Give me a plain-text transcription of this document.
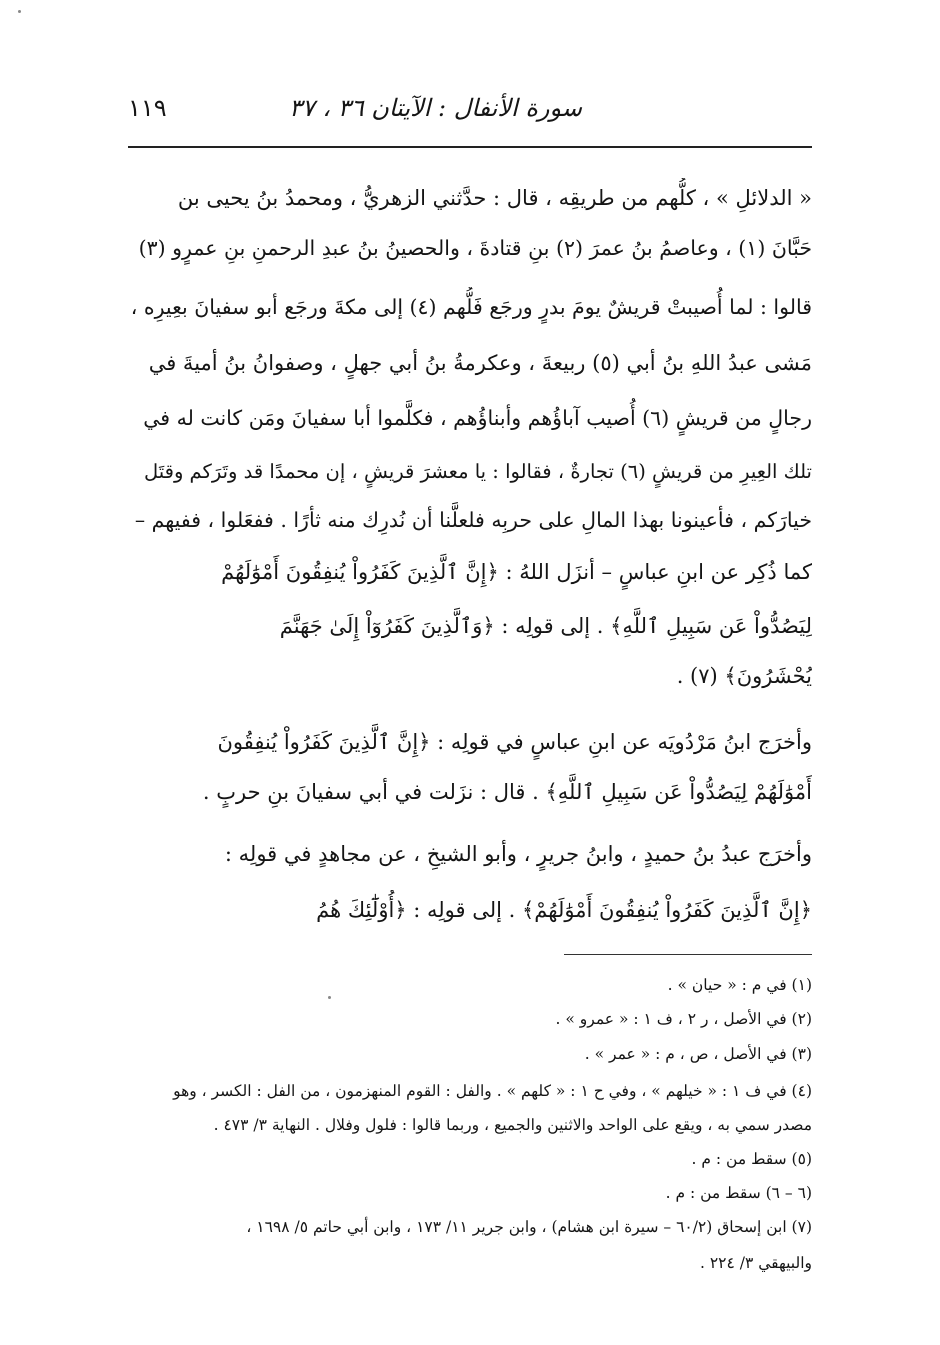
سورة الأنفال : الآيتان ٣٦ ، ٣٧
١١٩
« الدلائلِ » ، كلُّهم من طريقِه ، قال : حدَّثني الزهريُّ ، ومحمدُ بنُ يحيى بن
حَبَّانَ (١) ، وعاصمُ بنُ عمرَ (٢) بنِ قتادةَ ، والحصينُ بنُ عبدِ الرحمنِ بنِ عمرٍو (٣)
قالوا : لما أُصيبتْ قريشٌ يومَ بدرٍ ورجَع فَلُّهم (٤) إلى مكةَ ورجَع أبو سفيانَ بعِيرِه ،
مَشى عبدُ اللهِ بنُ أبي (٥) ربيعةَ ، وعكرمةُ بنُ أبي جهلٍ ، وصفوانُ بنُ أميةَ في
رجالٍ من قريشٍ (٦) أُصيب آباؤُهم وأبناؤُهم ، فكلَّموا أبا سفيانَ ومَن كانت له في
تلك العِيرِ من قريشٍ (٦) تجارةٌ ، فقالوا : يا معشرَ قريشٍ ، إن محمدًا قد وتَرَكم وقتَل
خيارَكم ، فأعينونا بهذا المالِ على حربِه فلعلَّنا أن نُدرِك منه ثأرًا . ففعَلوا ، ففيهم –
كما ذُكِر عن ابنِ عباسٍ – أنزَل اللهُ : ﴿إِنَّ ٱلَّذِينَ كَفَرُواْ يُنفِقُونَ أَمْوَٰلَهُمْ
لِيَصُدُّواْ عَن سَبِيلِ ٱللَّهِ﴾ . إلى قولِه : ﴿وَٱلَّذِينَ كَفَرُوٓاْ إِلَىٰ جَهَنَّمَ
يُحْشَرُونَ﴾ (٧) .
وأخرَج ابنُ مَرْدُويَه عن ابنِ عباسٍ في قولِه : ﴿إِنَّ ٱلَّذِينَ كَفَرُواْ يُنفِقُونَ
أَمْوَٰلَهُمْ لِيَصُدُّواْ عَن سَبِيلِ ٱللَّهِ﴾ . قال : نزَلت في أبي سفيانَ بنِ حربٍ .
وأخرَج عبدُ بنُ حميدٍ ، وابنُ جريرٍ ، وأبو الشيخِ ، عن مجاهدٍ في قولِه :
﴿إِنَّ ٱلَّذِينَ كَفَرُواْ يُنفِقُونَ أَمْوَٰلَهُمْ﴾ . إلى قولِه : ﴿أُوْلَٰٓئِكَ هُمُ
(١) في م : « حيان » .
(٢) في الأصل ، ر ٢ ، ف ١ : « عمرو » .
(٣) في الأصل ، ص ، م : « عمر » .
(٤) في ف ١ : « خيلهم » ، وفي ح ١ : « كلهم » . والفل : القوم المنهزمون ، من الفل : الكسر ، وهو
مصدر سمي به ، ويقع على الواحد والاثنين والجميع ، وربما قالوا : فلول وفلال . النهاية ٣/ ٤٧٣ .
(٥) سقط من : م .
(٦ – ٦) سقط من : م .
(٧) ابن إسحاق (٦٠/٢ – سيرة ابن هشام) ، وابن جرير ١١/ ١٧٣ ، وابن أبي حاتم ٥/ ١٦٩٨ ،
والبيهقي ٣/ ٢٢٤ .
